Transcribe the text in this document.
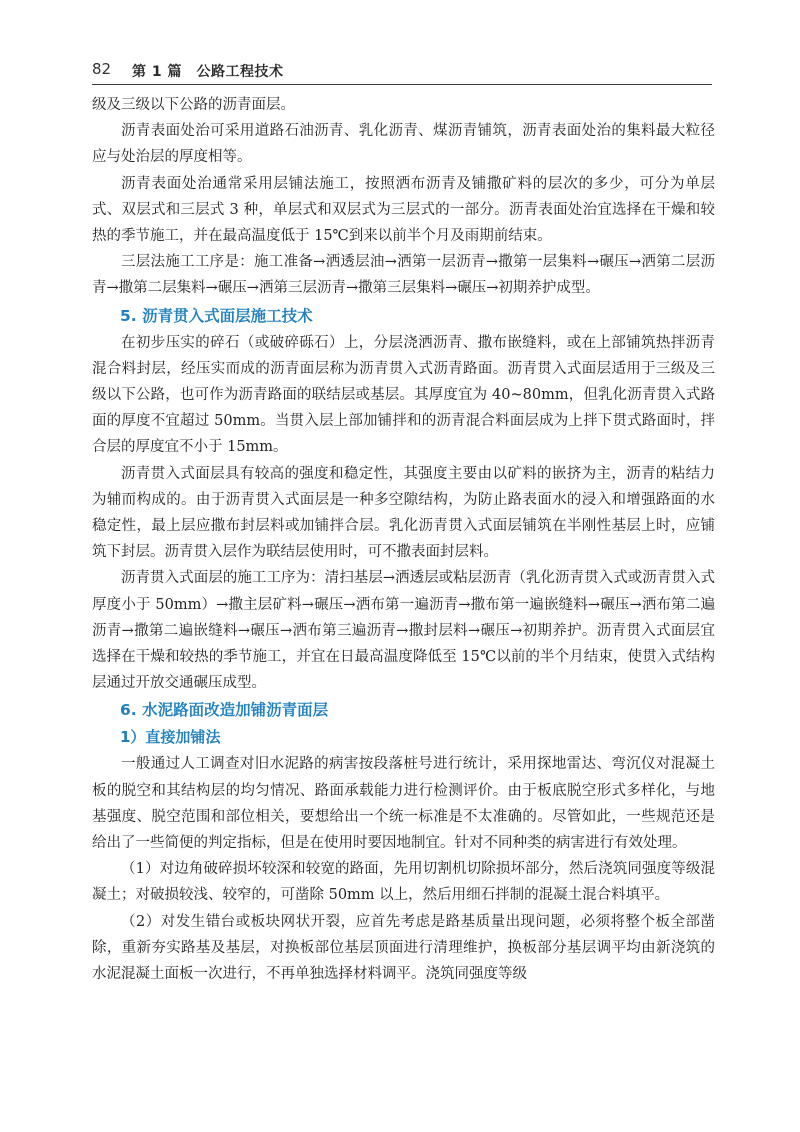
82 第 1 篇　公路工程技术

级及三级以下公路的沥青面层。

沥青表面处治可采用道路石油沥青、乳化沥青、煤沥青铺筑，沥青表面处治的集料最大粒径应与处治层的厚度相等。

沥青表面处治通常采用层铺法施工，按照洒布沥青及铺撒矿料的层次的多少，可分为单层式、双层式和三层式 3 种，单层式和双层式为三层式的一部分。沥青表面处治宜选择在干燥和较热的季节施工，并在最高温度低于 15℃到来以前半个月及雨期前结束。

三层法施工工序是：施工准备→洒透层油→洒第一层沥青→撒第一层集料→碾压→洒第二层沥青→撒第二层集料→碾压→洒第三层沥青→撒第三层集料→碾压→初期养护成型。

5. 沥青贯入式面层施工技术

在初步压实的碎石（或破碎砾石）上，分层浇洒沥青、撒布嵌缝料，或在上部铺筑热拌沥青混合料封层，经压实而成的沥青面层称为沥青贯入式沥青路面。沥青贯入式面层适用于三级及三级以下公路，也可作为沥青路面的联结层或基层。其厚度宜为 40~80mm，但乳化沥青贯入式路面的厚度不宜超过 50mm。当贯入层上部加铺拌和的沥青混合料面层成为上拌下贯式路面时，拌合层的厚度宜不小于 15mm。

沥青贯入式面层具有较高的强度和稳定性，其强度主要由以矿料的嵌挤为主，沥青的粘结力为辅而构成的。由于沥青贯入式面层是一种多空隙结构，为防止路表面水的浸入和增强路面的水稳定性，最上层应撒布封层料或加铺拌合层。乳化沥青贯入式面层铺筑在半刚性基层上时，应铺筑下封层。沥青贯入层作为联结层使用时，可不撒表面封层料。

沥青贯入式面层的施工工序为：清扫基层→洒透层或粘层沥青（乳化沥青贯入式或沥青贯入式厚度小于 50mm）→撒主层矿料→碾压→洒布第一遍沥青→撒布第一遍嵌缝料→碾压→洒布第二遍沥青→撒第二遍嵌缝料→碾压→洒布第三遍沥青→撒封层料→碾压→初期养护。沥青贯入式面层宜选择在干燥和较热的季节施工，并宜在日最高温度降低至 15℃以前的半个月结束，使贯入式结构层通过开放交通碾压成型。

6. 水泥路面改造加铺沥青面层
1）直接加铺法

一般通过人工调查对旧水泥路的病害按段落桩号进行统计，采用探地雷达、弯沉仪对混凝土板的脱空和其结构层的均匀情况、路面承载能力进行检测评价。由于板底脱空形式多样化，与地基强度、脱空范围和部位相关，要想给出一个统一标准是不太准确的。尽管如此，一些规范还是给出了一些简便的判定指标，但是在使用时要因地制宜。针对不同种类的病害进行有效处理。

（1）对边角破碎损坏较深和较宽的路面，先用切割机切除损坏部分，然后浇筑同强度等级混凝土；对破损较浅、较窄的，可凿除 50mm 以上，然后用细石拌制的混凝土混合料填平。

（2）对发生错台或板块网状开裂，应首先考虑是路基质量出现问题，必须将整个板全部凿除，重新夯实路基及基层，对换板部位基层顶面进行清理维护，换板部分基层调平均由新浇筑的水泥混凝土面板一次进行，不再单独选择材料调平。浇筑同强度等级
